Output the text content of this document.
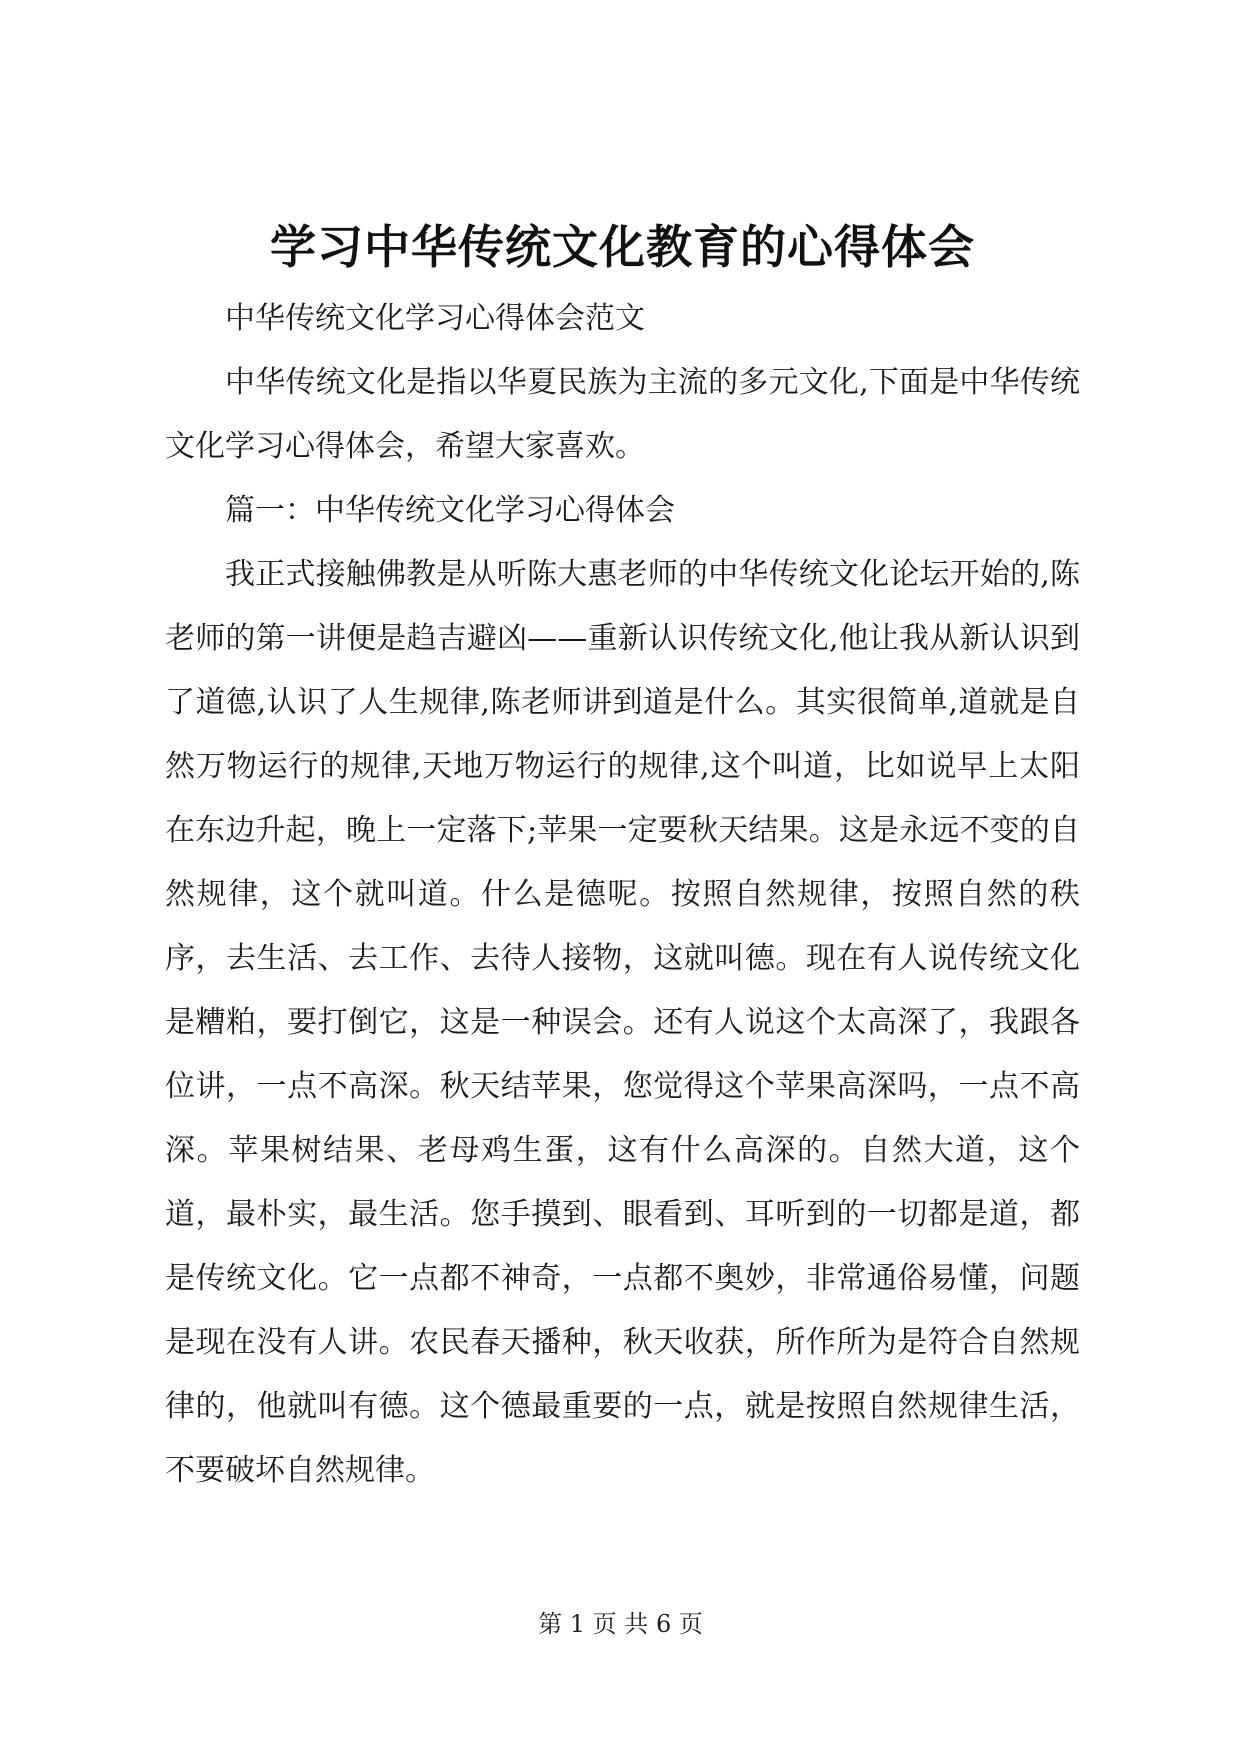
学习中华传统文化教育的心得体会

中华传统文化学习心得体会范文

中华传统文化是指以华夏民族为主流的多元文化,下面是中华传统文化学习心得体会，希望大家喜欢。

篇一：中华传统文化学习心得体会

我正式接触佛教是从听陈大惠老师的中华传统文化论坛开始的,陈老师的第一讲便是趋吉避凶——重新认识传统文化,他让我从新认识到了道德,认识了人生规律,陈老师讲到道是什么。其实很简单,道就是自然万物运行的规律,天地万物运行的规律,这个叫道，比如说早上太阳在东边升起，晚上一定落下;苹果一定要秋天结果。这是永远不变的自然规律，这个就叫道。什么是德呢。按照自然规律，按照自然的秩序，去生活、去工作、去待人接物，这就叫德。现在有人说传统文化是糟粕，要打倒它，这是一种误会。还有人说这个太高深了，我跟各位讲，一点不高深。秋天结苹果，您觉得这个苹果高深吗，一点不高深。苹果树结果、老母鸡生蛋，这有什么高深的。自然大道，这个道，最朴实，最生活。您手摸到、眼看到、耳听到的一切都是道，都是传统文化。它一点都不神奇，一点都不奥妙，非常通俗易懂，问题是现在没有人讲。农民春天播种，秋天收获，所作所为是符合自然规律的，他就叫有德。这个德最重要的一点，就是按照自然规律生活，不要破坏自然规律。

第 1 页 共 6 页
